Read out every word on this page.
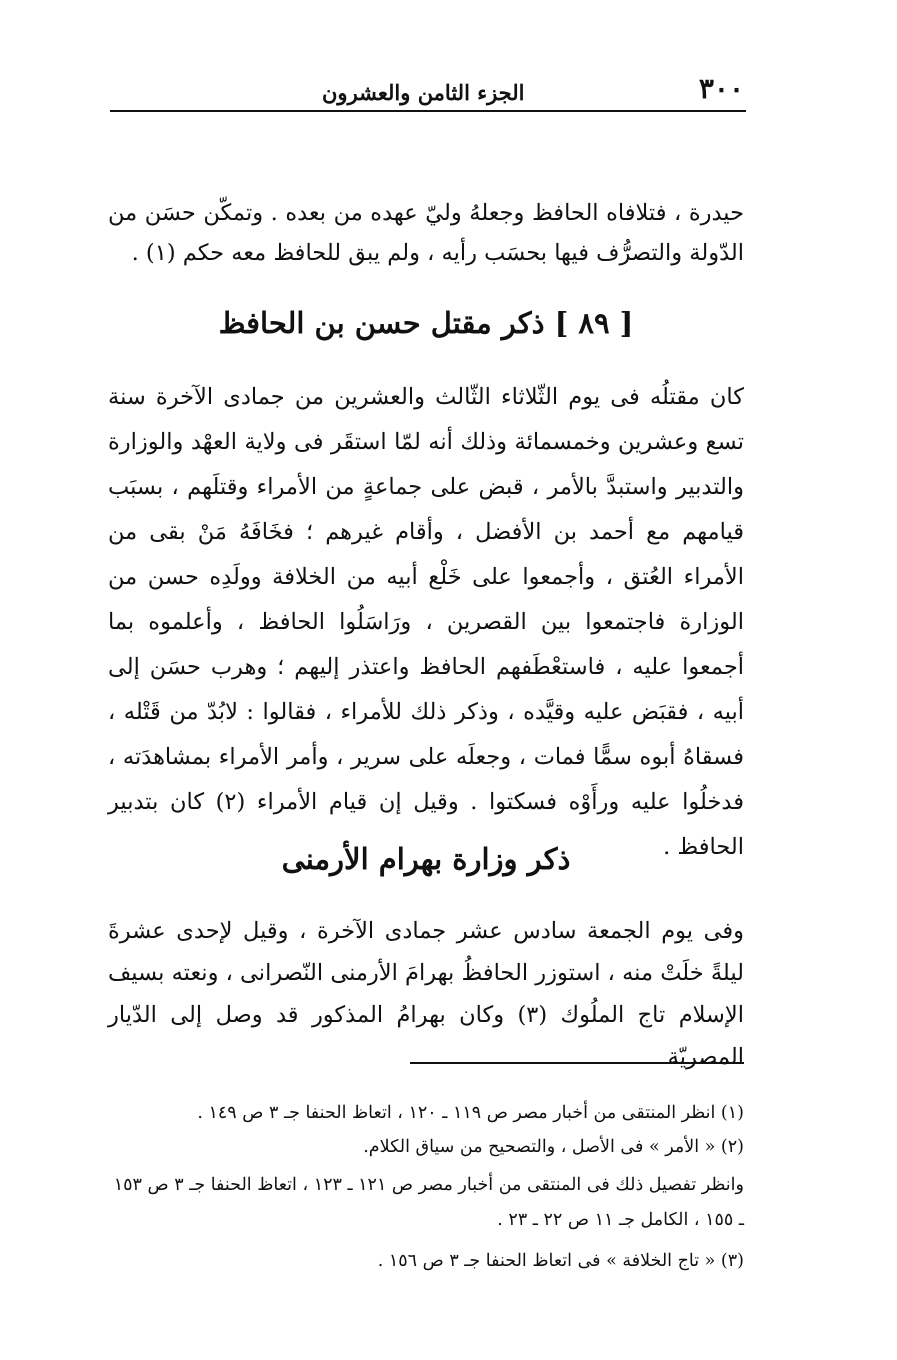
٣٠٠
الجزء الثامن والعشرون

حيدرة ، فتلافاه الحافظ وجعلهُ وليّ عهده من بعده . وتمكّن حسَن من الدّولة والتصرُّف فيها بحسَب رأيه ، ولم يبق للحافظ معه حكم (١) .

[ ٨٩ ] ذكر مقتل حسن بن الحافظ

كان مقتلُه فى يوم الثّلاثاء الثّالث والعشرين من جمادى الآخرة سنة تسع وعشرين وخمسمائة وذلك أنه لمّا استقَر فى ولاية العهْد والوزارة والتدبير واستبدَّ بالأمر ، قبض على جماعةٍ من الأمراء وقتلَهم ، بسبَب قيامهم مع أحمد بن الأفضل ، وأقام غيرهم ؛ فخَافَهُ مَنْ بقى من الأمراء العُتق ، وأجمعوا على خَلْع أبيه من الخلافة وولَدِه حسن من الوزارة فاجتمعوا بين القصرين ، ورَاسَلُوا الحافظ ، وأعلموه بما أجمعوا عليه ، فاستعْطَفهم الحافظ واعتذر إليهم ؛ وهرب حسَن إلى أبيه ، فقبَض عليه وقيَّده ، وذكر ذلك للأمراء ، فقالوا : لابُدّ من قَتْله ، فسقاهُ أبوه سمًّا فمات ، وجعلَه على سرير ، وأمر الأمراء بمشاهدَته ، فدخلُوا عليه ورأَوْه فسكتوا . وقيل إن قيام الأمراء (٢) كان بتدبير الحافظ .

ذكر وزارة بهرام الأرمنى

وفى يوم الجمعة سادس عشر جمادى الآخرة ، وقيل لإحدى عشرةَ ليلةً خلَتْ منه ، استوزر الحافظُ بهرامَ الأرمنى النّصرانى ، ونعته بسيف الإسلام تاج الملُوك (٣) وكان بهرامُ المذكور قد وصل إلى الدّيار المصريّة

(١) انظر المنتقى من أخبار مصر ص ١١٩ ـ ١٢٠ ، اتعاظ الحنفا جـ ٣ ص ١٤٩ .

(٢) « الأمر » فى الأصل ، والتصحيح من سياق الكلام.

وانظر تفصيل ذلك فى المنتقى من أخبار مصر ص ١٢١ ـ ١٢٣ ، اتعاظ الحنفا جـ ٣ ص ١٥٣ ـ ١٥٥ ، الكامل جـ ١١ ص ٢٢ ـ ٢٣ .

(٣) « تاج الخلافة » فى اتعاظ الحنفا جـ ٣ ص ١٥٦ .
